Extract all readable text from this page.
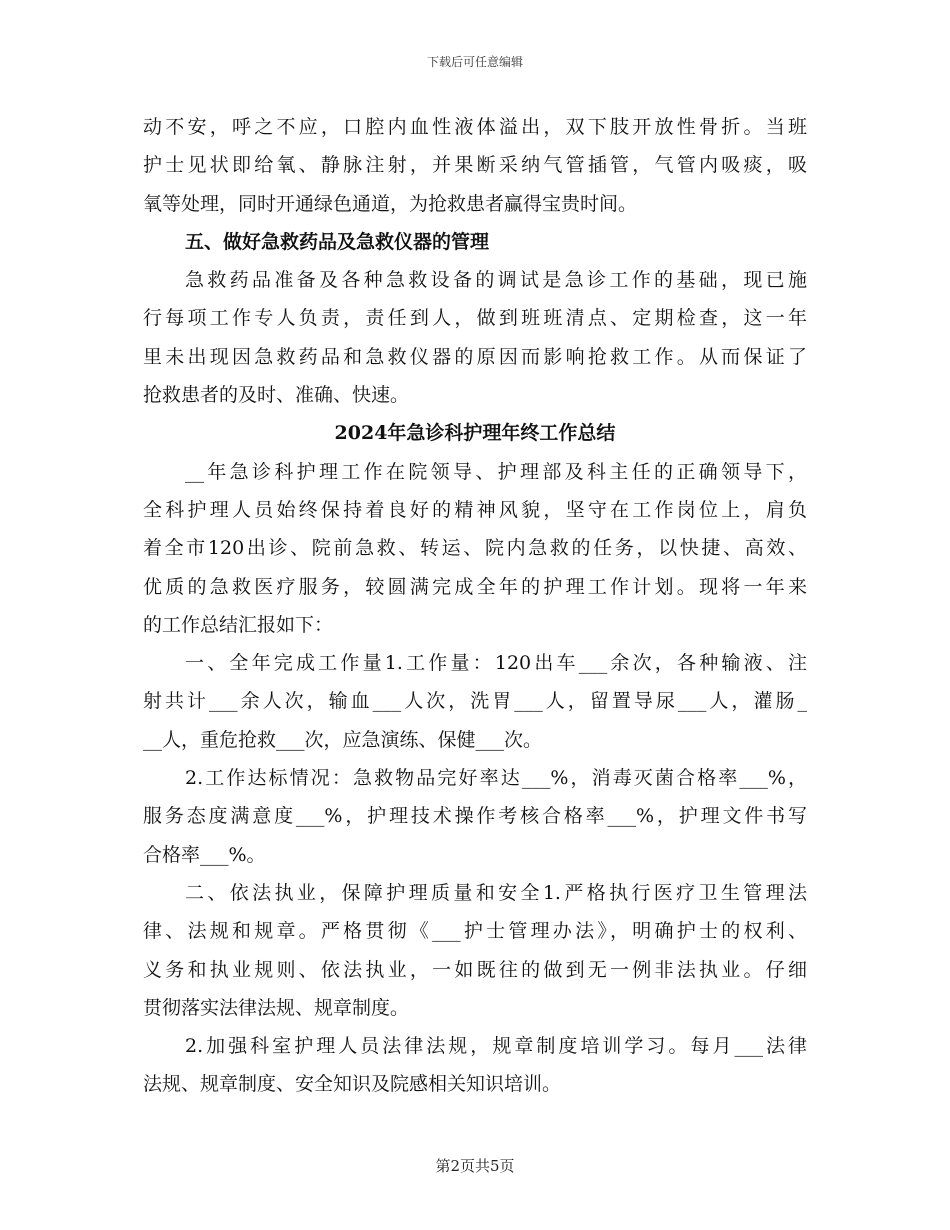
下载后可任意编辑
动不安，呼之不应，口腔内血性液体溢出，双下肢开放性骨折。当班
护士见状即给氧、静脉注射，并果断采纳气管插管，气管内吸痰，吸
氧等处理，同时开通绿色通道，为抢救患者赢得宝贵时间。
五、做好急救药品及急救仪器的管理
急救药品准备及各种急救设备的调试是急诊工作的基础，现已施
行每项工作专人负责，责任到人，做到班班清点、定期检查，这一年
里未出现因急救药品和急救仪器的原因而影响抢救工作。从而保证了
抢救患者的及时、准确、快速。
2024年急诊科护理年终工作总结
__年急诊科护理工作在院领导、护理部及科主任的正确领导下，
全科护理人员始终保持着良好的精神风貌，坚守在工作岗位上，肩负
着全市120出诊、院前急救、转运、院内急救的任务，以快捷、高效、
优质的急救医疗服务，较圆满完成全年的护理工作计划。现将一年来
的工作总结汇报如下：
一、全年完成工作量1.工作量：120出车___余次，各种输液、注
射共计___余人次，输血___人次，洗胃___人，留置导尿___人，灌肠_
__人，重危抢救___次，应急演练、保健___次。
2.工作达标情况：急救物品完好率达___%，消毒灭菌合格率___%，
服务态度满意度___%，护理技术操作考核合格率___%，护理文件书写
合格率___%。
二、依法执业，保障护理质量和安全1.严格执行医疗卫生管理法
律、法规和规章。严格贯彻《___护士管理办法》，明确护士的权利、
义务和执业规则、依法执业，一如既往的做到无一例非法执业。仔细
贯彻落实法律法规、规章制度。
2.加强科室护理人员法律法规，规章制度培训学习。每月___法律
法规、规章制度、安全知识及院感相关知识培训。
第2页共5页
